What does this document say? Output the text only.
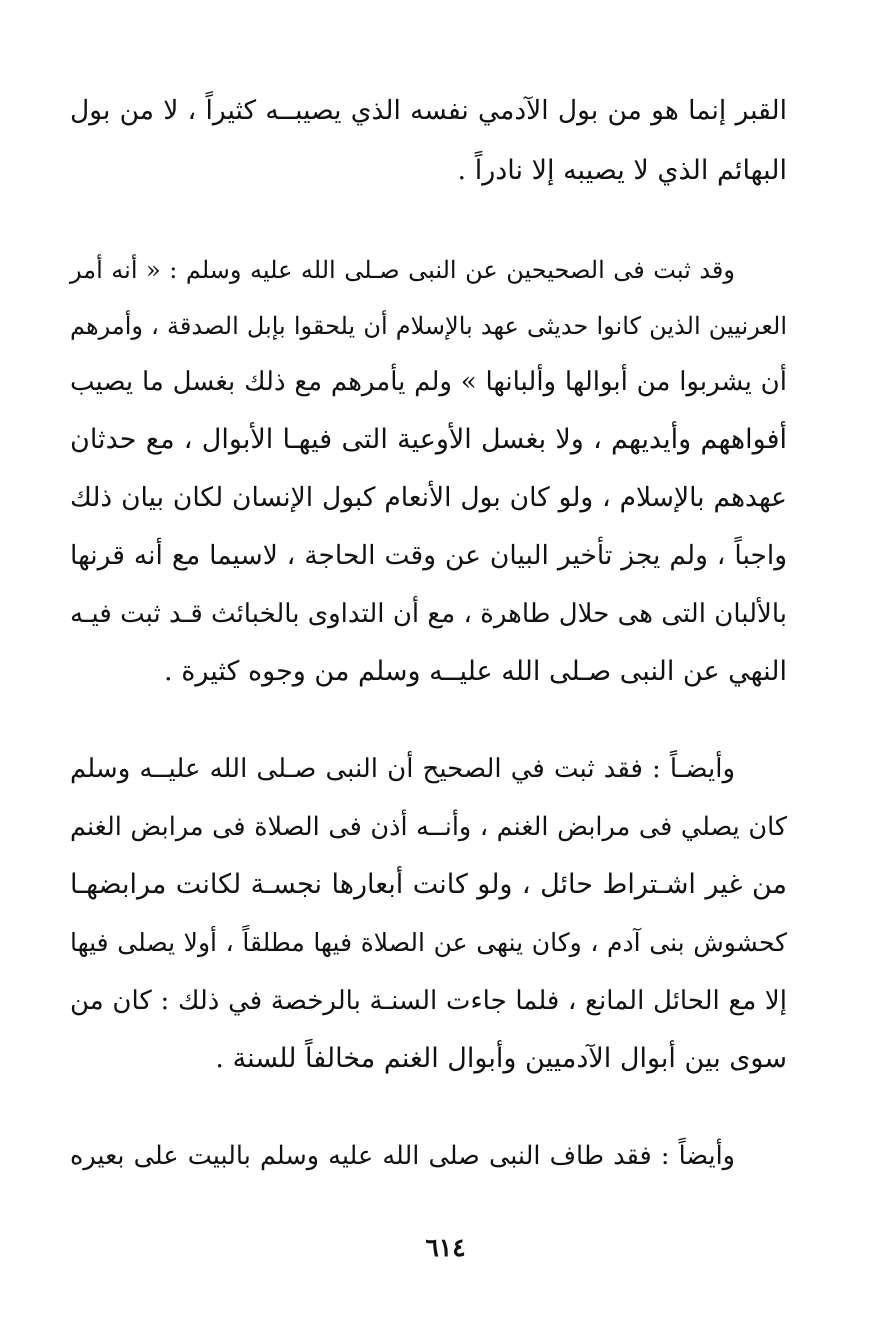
القبر إنما هو من بول الآدمي نفسه الذي يصيبــه كثيراً ، لا من بول
البهائم الذي لا يصيبه إلا نادراً .
وقد ثبت فى الصحيحين عن النبى صـلى الله عليه وسلم : « أنه أمر
العرنيين الذين كانوا حديثى عهد بالإسلام أن يلحقوا بإبل الصدقة ، وأمرهم
أن يشربوا من أبوالها وألبانها » ولم يأمرهم مع ذلك بغسل ما يصيب
أفواههم وأيديهم ، ولا بغسل الأوعية التى فيهـا الأبوال ، مع حدثان
عهدهم بالإسلام ، ولو كان بول الأنعام كبول الإنسان لكان بيان ذلك
واجباً ، ولم يجز تأخير البيان عن وقت الحاجة ، لاسيما مع أنه قرنها
بالألبان التى هى حلال طاهرة ، مع أن التداوى بالخبائث قـد ثبت فيـه
النهي عن النبى صـلى الله عليــه وسلم من وجوه كثيرة .
وأيضـاً : فقد ثبت في الصحيح أن النبى صـلى الله عليــه وسلم
كان يصلي فى مرابض الغنم ، وأنــه أذن فى الصلاة فى مرابض الغنم
من غير اشـتراط حائل ، ولو كانت أبعارها نجسـة لكانت مرابضهـا
كحشوش بنى آدم ، وكان ينهى عن الصلاة فيها مطلقاً ، أولا يصلى فيها
إلا مع الحائل المانع ، فلما جاءت السنـة بالرخصة في ذلك : كان من
سوى بين أبوال الآدميين وأبوال الغنم مخالفاً للسنة .
وأيضاً : فقد طاف النبى صلى الله عليه وسلم بالبيت على بعيره
٦١٤
